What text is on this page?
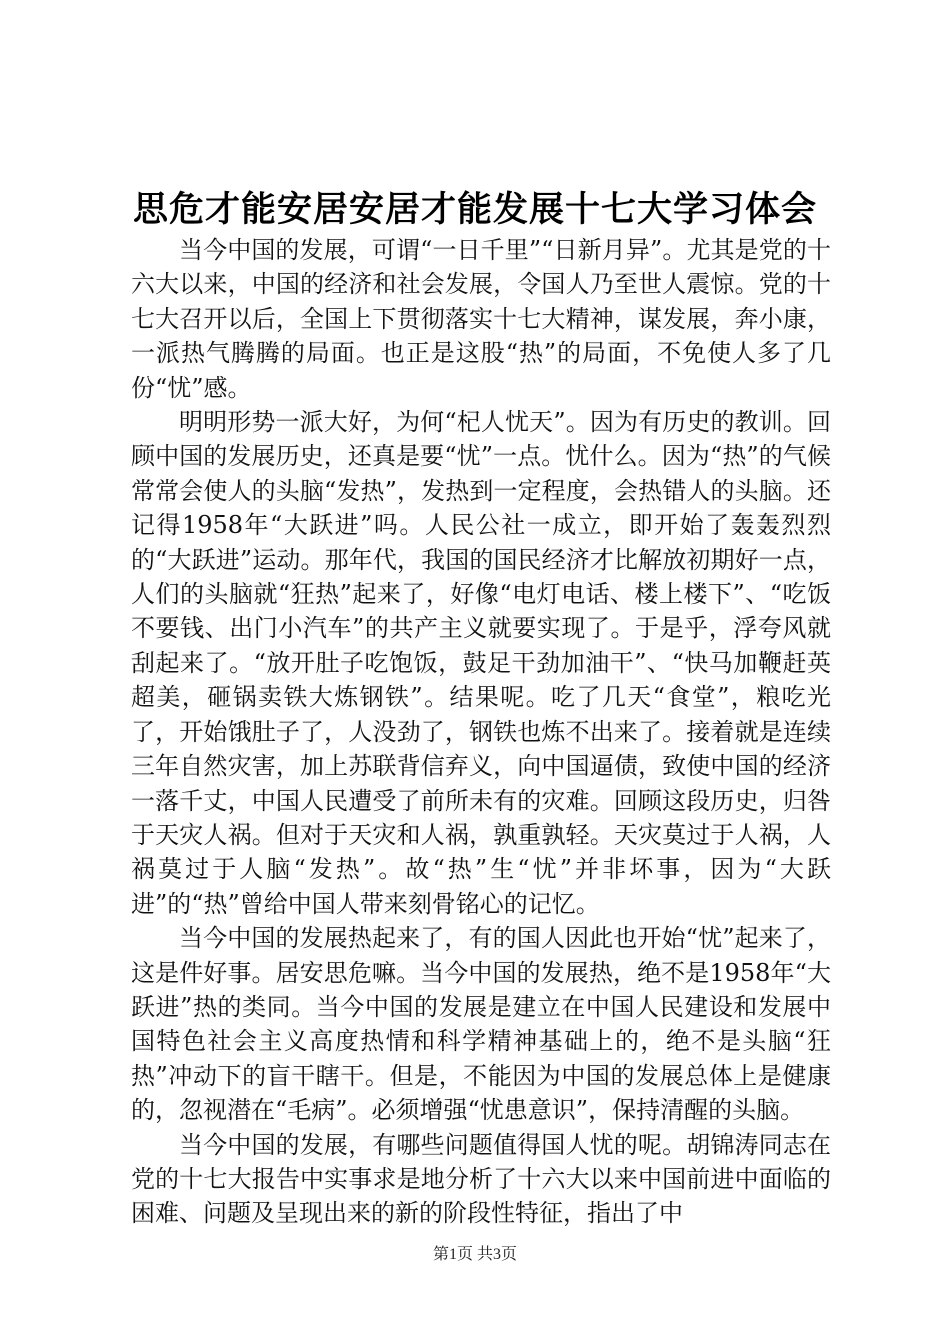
思危才能安居安居才能发展十七大学习体会

当今中国的发展，可谓“一日千里”“日新月异”。尤其是党的十六大以来，中国的经济和社会发展，令国人乃至世人震惊。党的十七大召开以后，全国上下贯彻落实十七大精神，谋发展，奔小康，一派热气腾腾的局面。也正是这股“热”的局面，不免使人多了几份“忧”感。

明明形势一派大好，为何“杞人忧天”。因为有历史的教训。回顾中国的发展历史，还真是要“忧”一点。忧什么。因为“热”的气候常常会使人的头脑“发热”，发热到一定程度，会热错人的头脑。还记得1958年“大跃进”吗。人民公社一成立，即开始了轰轰烈烈的“大跃进”运动。那年代，我国的国民经济才比解放初期好一点，人们的头脑就“狂热”起来了，好像“电灯电话、楼上楼下”、“吃饭不要钱、出门小汽车”的共产主义就要实现了。于是乎，浮夸风就刮起来了。“放开肚子吃饱饭，鼓足干劲加油干”、“快马加鞭赶英超美，砸锅卖铁大炼钢铁”。结果呢。吃了几天“食堂”，粮吃光了，开始饿肚子了，人没劲了，钢铁也炼不出来了。接着就是连续三年自然灾害，加上苏联背信弃义，向中国逼债，致使中国的经济一落千丈，中国人民遭受了前所未有的灾难。回顾这段历史，归咎于天灾人祸。但对于天灾和人祸，孰重孰轻。天灾莫过于人祸，人祸莫过于人脑“发热”。故“热”生“忧”并非坏事，因为“大跃进”的“热”曾给中国人带来刻骨铭心的记忆。

当今中国的发展热起来了，有的国人因此也开始“忧”起来了，这是件好事。居安思危嘛。当今中国的发展热，绝不是1958年“大跃进”热的类同。当今中国的发展是建立在中国人民建设和发展中国特色社会主义高度热情和科学精神基础上的，绝不是头脑“狂热”冲动下的盲干瞎干。但是，不能因为中国的发展总体上是健康的，忽视潜在“毛病”。必须增强“忧患意识”，保持清醒的头脑。

当今中国的发展，有哪些问题值得国人忧的呢。胡锦涛同志在党的十七大报告中实事求是地分析了十六大以来中国前进中面临的困难、问题及呈现出来的新的阶段性特征，指出了中

第1页 共3页
